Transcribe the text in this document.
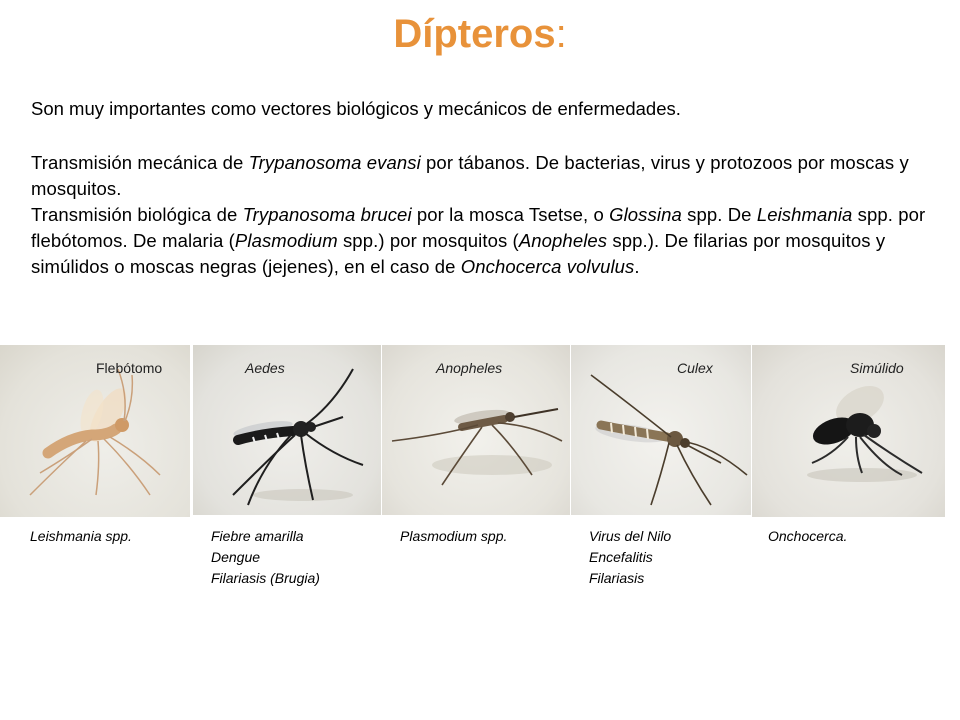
Dípteros:
Son muy importantes como vectores biológicos y mecánicos de enfermedades.
Transmisión mecánica de Trypanosoma evansi por tábanos. De bacterias, virus y protozoos por moscas y mosquitos.
Transmisión biológica de Trypanosoma brucei por la mosca Tsetse, o Glossina spp. De Leishmania spp. por flebótomos. De malaria (Plasmodium spp.) por mosquitos (Anopheles spp.). De filarias por mosquitos y simúlidos o moscas negras (jejenes), en el caso de Onchocerca volvulus.
Flebótomo	Aedes	Anopheles	Culex	Simúlido
Leishmania spp.	Fiebre amarilla
Dengue
Filariasis (Brugia)
Plasmodium spp.	Virus del Nilo
Encefalitis
Filariasis
Onchocerca.
